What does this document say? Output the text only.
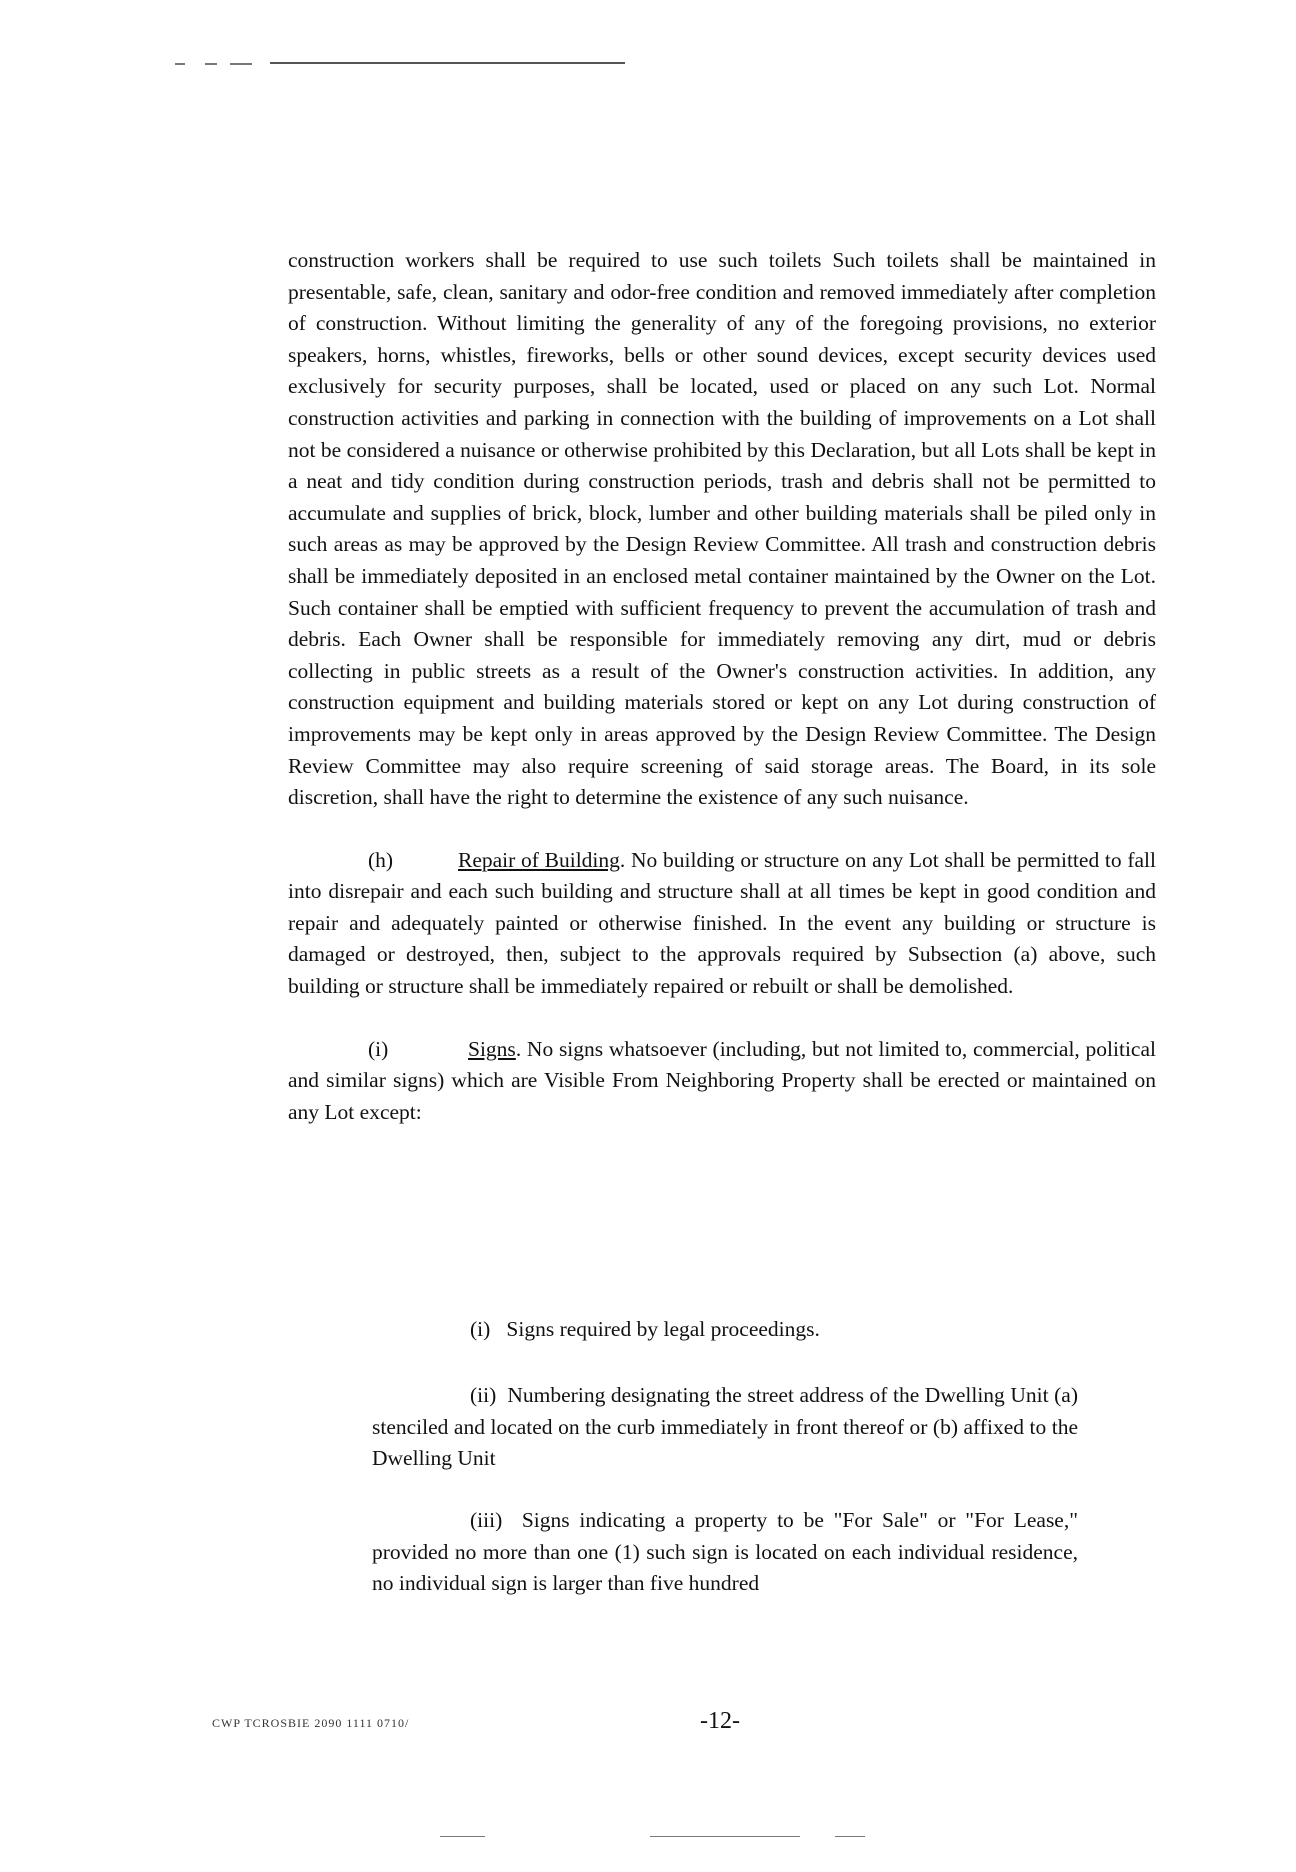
construction workers shall be required to use such toilets Such toilets shall be maintained in presentable, safe, clean, sanitary and odor-free condition and removed immediately after completion of construction. Without limiting the generality of any of the foregoing provisions, no exterior speakers, horns, whistles, fireworks, bells or other sound devices, except security devices used exclusively for security purposes, shall be located, used or placed on any such Lot. Normal construction activities and parking in connection with the building of improvements on a Lot shall not be considered a nuisance or otherwise prohibited by this Declaration, but all Lots shall be kept in a neat and tidy condition during construction periods, trash and debris shall not be permitted to accumulate and supplies of brick, block, lumber and other building materials shall be piled only in such areas as may be approved by the Design Review Committee. All trash and construction debris shall be immediately deposited in an enclosed metal container maintained by the Owner on the Lot. Such container shall be emptied with sufficient frequency to prevent the accumulation of trash and debris. Each Owner shall be responsible for immediately removing any dirt, mud or debris collecting in public streets as a result of the Owner's construction activities. In addition, any construction equipment and building materials stored or kept on any Lot during construction of improvements may be kept only in areas approved by the Design Review Committee. The Design Review Committee may also require screening of said storage areas. The Board, in its sole discretion, shall have the right to determine the existence of any such nuisance.

(h)	Repair of Building. No building or structure on any Lot shall be permitted to fall into disrepair and each such building and structure shall at all times be kept in good condition and repair and adequately painted or otherwise finished. In the event any building or structure is damaged or destroyed, then, subject to the approvals required by Subsection (a) above, such building or structure shall be immediately repaired or rebuilt or shall be demolished.

(i)	Signs. No signs whatsoever (including, but not limited to, commercial, political and similar signs) which are Visible From Neighboring Property shall be erected or maintained on any Lot except:

(i) Signs required by legal proceedings.

(ii) Numbering designating the street address of the Dwelling Unit (a) stenciled and located on the curb immediately in front thereof or (b) affixed to the Dwelling Unit

(iii) Signs indicating a property to be "For Sale" or "For Lease," provided no more than one (1) such sign is located on each individual residence, no individual sign is larger than five hundred

CWP TCROSBIE 2090 1111 0710/	-12-
